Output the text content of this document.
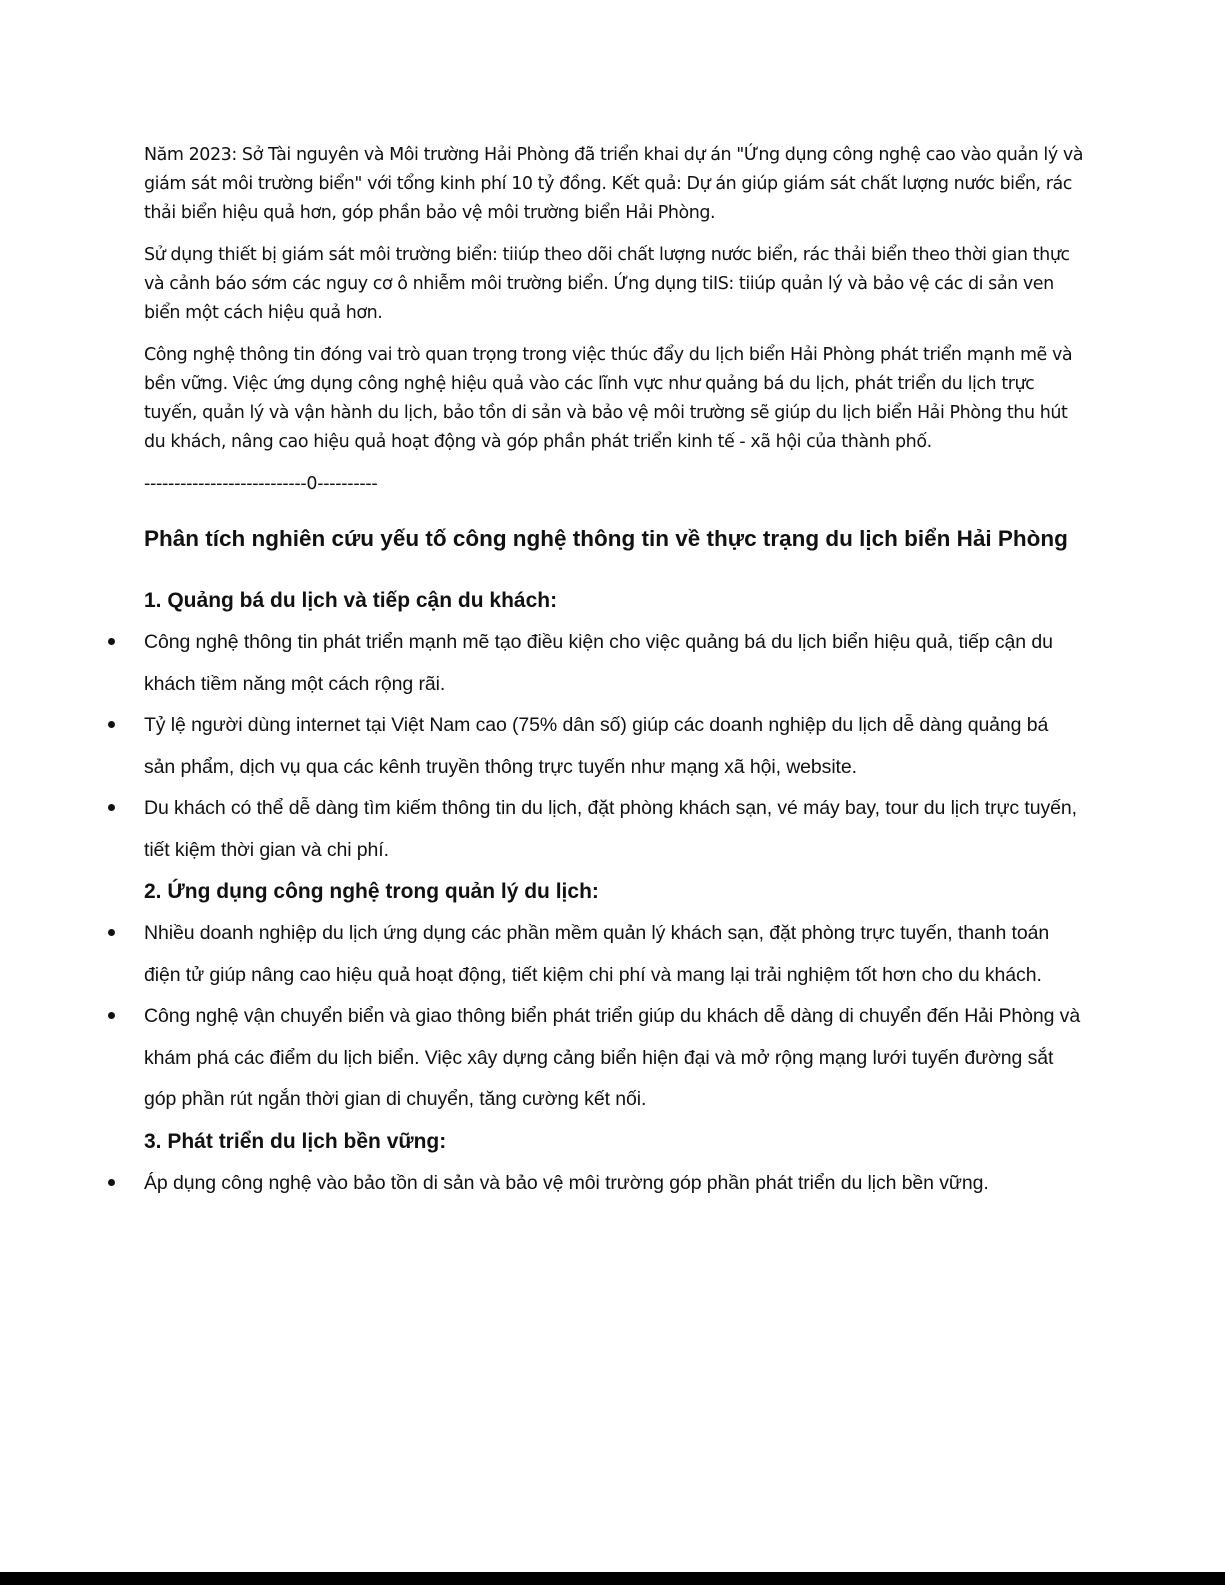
Năm 2023: Sở Tài nguyên và Môi trường Hải Phòng đã triển khai dự án "Ứng dụng công nghệ cao vào quản lý và giám sát môi trường biển" với tổng kinh phí 10 tỷ đồng. Kết quả: Dự án giúp giám sát chất lượng nước biển, rác thải biển hiệu quả hơn, góp phần bảo vệ môi trường biển Hải Phòng.

Sử dụng thiết bị giám sát môi trường biển: tiiúp theo dõi chất lượng nước biển, rác thải biển theo thời gian thực và cảnh báo sớm các nguy cơ ô nhiễm môi trường biển. Ứng dụng tiIS: tiiúp quản lý và bảo vệ các di sản ven biển một cách hiệu quả hơn.

Công nghệ thông tin đóng vai trò quan trọng trong việc thúc đẩy du lịch biển Hải Phòng phát triển mạnh mẽ và bền vững. Việc ứng dụng công nghệ hiệu quả vào các lĩnh vực như quảng bá du lịch, phát triển du lịch trực tuyến, quản lý và vận hành du lịch, bảo tồn di sản và bảo vệ môi trường sẽ giúp du lịch biển Hải Phòng thu hút du khách, nâng cao hiệu quả hoạt động và góp phần phát triển kinh tế - xã hội của thành phố.

---------------------------0----------

Phân tích nghiên cứu yếu tố công nghệ thông tin về thực trạng du lịch biển Hải Phòng
1. Quảng bá du lịch và tiếp cận du khách:
Công nghệ thông tin phát triển mạnh mẽ tạo điều kiện cho việc quảng bá du lịch biển hiệu quả, tiếp cận du khách tiềm năng một cách rộng rãi.
Tỷ lệ người dùng internet tại Việt Nam cao (75% dân số) giúp các doanh nghiệp du lịch dễ dàng quảng bá sản phẩm, dịch vụ qua các kênh truyền thông trực tuyến như mạng xã hội, website.
Du khách có thể dễ dàng tìm kiếm thông tin du lịch, đặt phòng khách sạn, vé máy bay, tour du lịch trực tuyến, tiết kiệm thời gian và chi phí.
2. Ứng dụng công nghệ trong quản lý du lịch:
Nhiều doanh nghiệp du lịch ứng dụng các phần mềm quản lý khách sạn, đặt phòng trực tuyến, thanh toán điện tử giúp nâng cao hiệu quả hoạt động, tiết kiệm chi phí và mang lại trải nghiệm tốt hơn cho du khách.
Công nghệ vận chuyển biển và giao thông biển phát triển giúp du khách dễ dàng di chuyển đến Hải Phòng và khám phá các điểm du lịch biển. Việc xây dựng cảng biển hiện đại và mở rộng mạng lưới tuyến đường sắt góp phần rút ngắn thời gian di chuyển, tăng cường kết nối.
3. Phát triển du lịch bền vững:
Áp dụng công nghệ vào bảo tồn di sản và bảo vệ môi trường góp phần phát triển du lịch bền vững.
